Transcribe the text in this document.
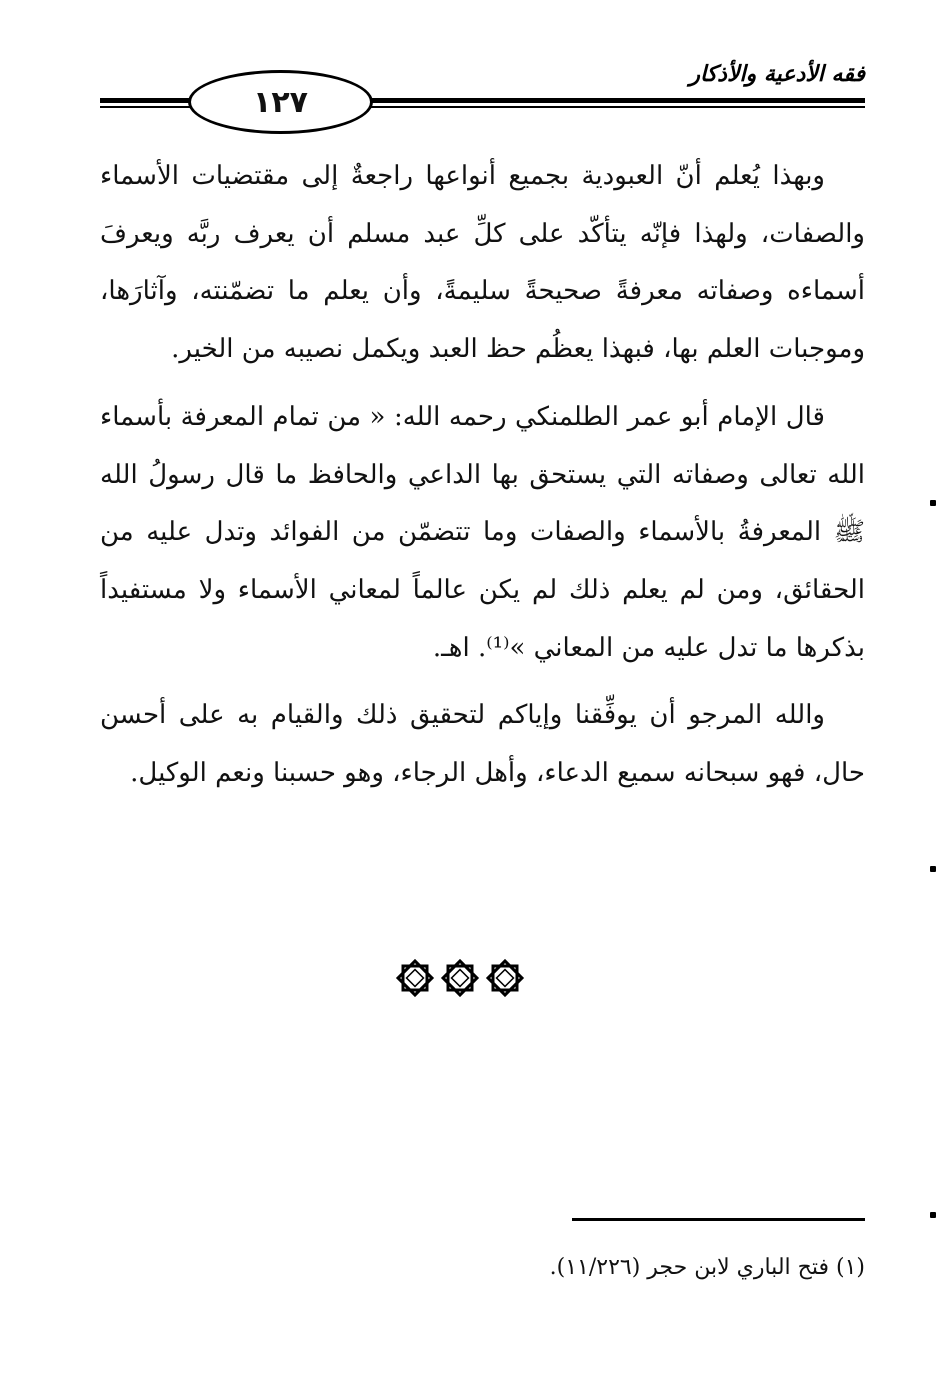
فقه الأدعية والأذكار
١٢٧

وبهذا يُعلم أنّ العبودية بجميع أنواعها راجعةٌ إلى مقتضيات الأسماء والصفات، ولهذا فإنّه يتأكّد على كلِّ عبد مسلم أن يعرف ربَّه ويعرفَ أسماءه وصفاته معرفةً صحيحةً سليمةً، وأن يعلم ما تضمّنته، وآثارَها، وموجبات العلم بها، فبهذا يعظُم حظ العبد ويكمل نصيبه من الخير.

قال الإمام أبو عمر الطلمنكي رحمه الله: « من تمام المعرفة بأسماء الله تعالى وصفاته التي يستحق بها الداعي والحافظ ما قال رسولُ الله ﷺ المعرفةُ بالأسماء والصفات وما تتضمّن من الفوائد وتدل عليه من الحقائق، ومن لم يعلم ذلك لم يكن عالماً لمعاني الأسماء ولا مستفيداً بذكرها ما تدل عليه من المعاني »⁽¹⁾. اهـ.

والله المرجو أن يوفِّقنا وإياكم لتحقيق ذلك والقيام به على أحسن حال، فهو سبحانه سميع الدعاء، وأهل الرجاء، وهو حسبنا ونعم الوكيل.

(١) فتح الباري لابن حجر (١١/٢٢٦).
